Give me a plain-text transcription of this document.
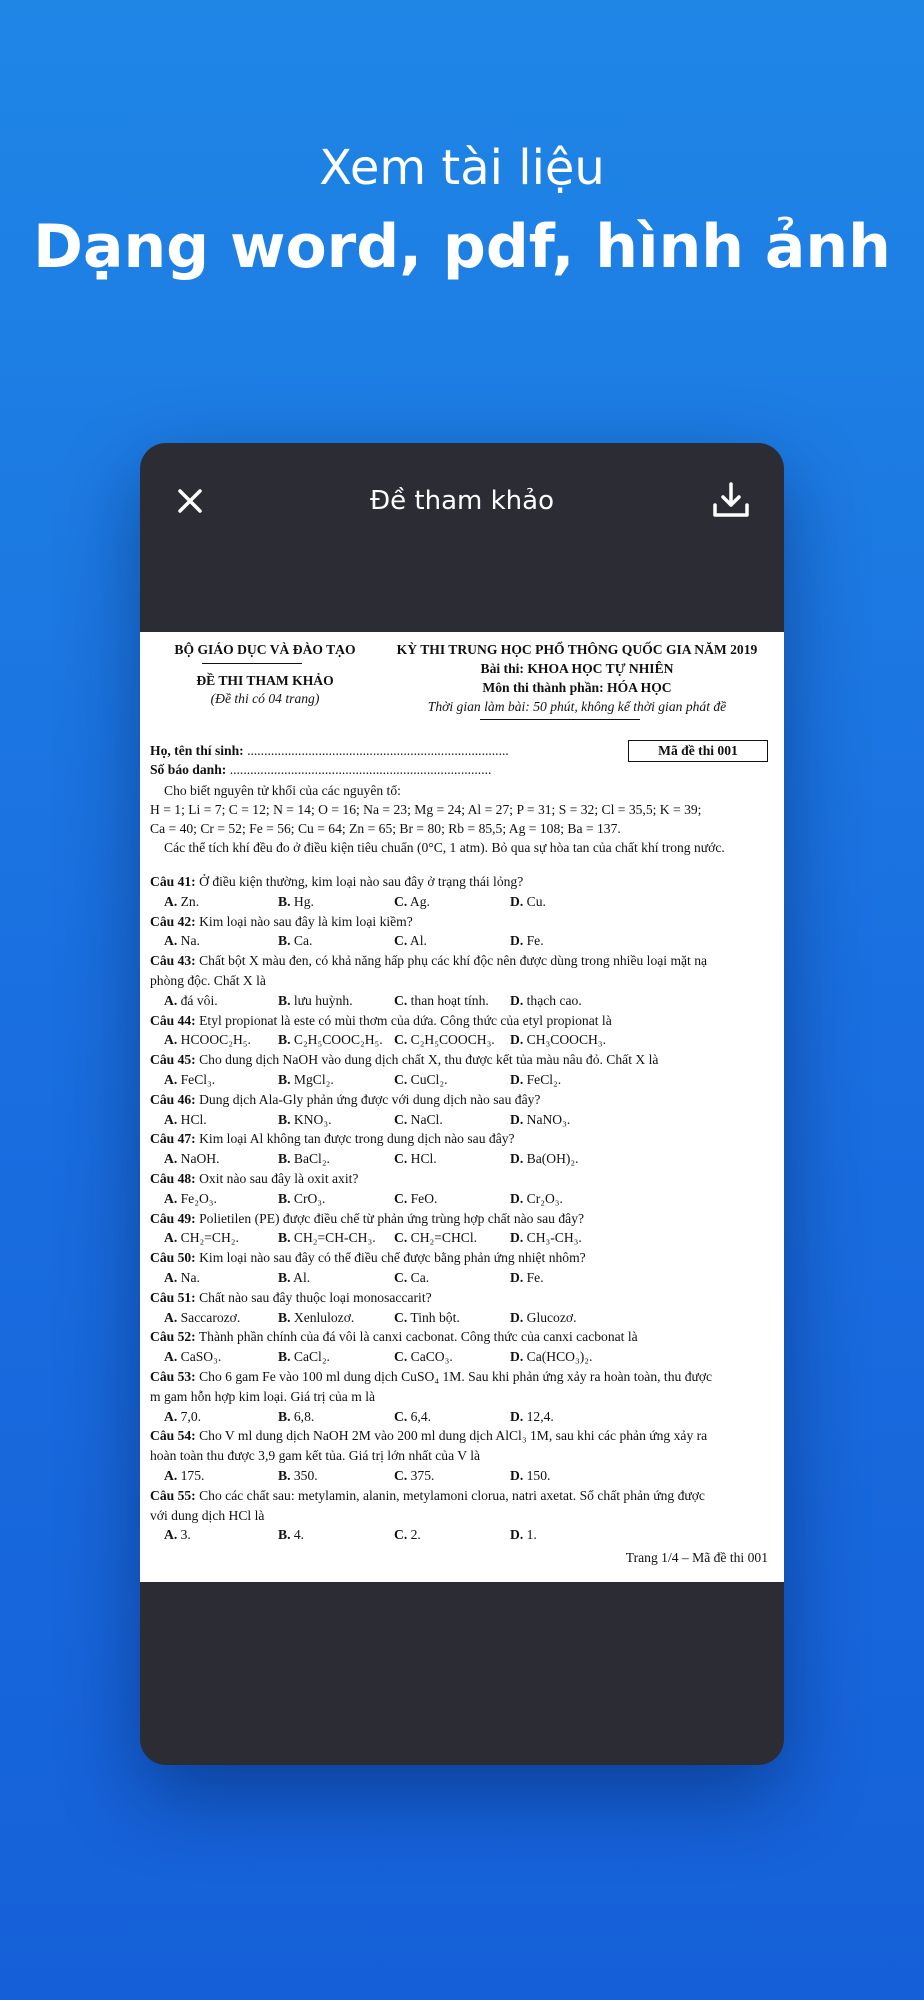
Xem tài liệu
Dạng word, pdf, hình ảnh
Đề tham khảo
BỘ GIÁO DỤC VÀ ĐÀO TẠO
ĐỀ THI THAM KHẢO
(Đề thi có 04 trang)
KỲ THI TRUNG HỌC PHỔ THÔNG QUỐC GIA NĂM 2019
Bài thi: KHOA HỌC TỰ NHIÊN
Môn thi thành phần: HÓA HỌC
Thời gian làm bài: 50 phút, không kể thời gian phát đề
Họ, tên thí sinh: .............................................................................
Số báo danh: .............................................................................
Mã đề thi 001
Cho biết nguyên tử khối của các nguyên tố:
H = 1; Li = 7; C = 12; N = 14; O = 16; Na = 23; Mg = 24; Al = 27; P = 31; S = 32; Cl = 35,5; K = 39;
Ca = 40; Cr = 52; Fe = 56; Cu = 64; Zn = 65; Br = 80; Rb = 85,5; Ag = 108; Ba = 137.
Các thể tích khí đều đo ở điều kiện tiêu chuẩn (0°C, 1 atm). Bỏ qua sự hòa tan của chất khí trong nước.
Câu 41: Ở điều kiện thường, kim loại nào sau đây ở trạng thái lỏng?
A. Zn.	B. Hg.	C. Ag.	D. Cu.
Câu 42: Kim loại nào sau đây là kim loại kiềm?
A. Na.	B. Ca.	C. Al.	D. Fe.
Câu 43: Chất bột X màu đen, có khả năng hấp phụ các khí độc nên được dùng trong nhiều loại mặt nạ
phòng độc. Chất X là
A. đá vôi.	B. lưu huỳnh.	C. than hoạt tính. D. thạch cao.
Câu 44: Etyl propionat là este có mùi thơm của dứa. Công thức của etyl propionat là
A. HCOOC₂H₅. B. C₂H₅COOC₂H₅. C. C₂H₅COOCH₃. D. CH₃COOCH₃.
Câu 45: Cho dung dịch NaOH vào dung dịch chất X, thu được kết tủa màu nâu đỏ. Chất X là
A. FeCl₃.	B. MgCl₂.	C. CuCl₂.	D. FeCl₂.
Câu 46: Dung dịch Ala-Gly phản ứng được với dung dịch nào sau đây?
A. HCl.	B. KNO₃.	C. NaCl.	D. NaNO₃.
Câu 47: Kim loại Al không tan được trong dung dịch nào sau đây?
A. NaOH.	B. BaCl₂.	C. HCl.	D. Ba(OH)₂.
Câu 48: Oxit nào sau đây là oxit axit?
A. Fe₂O₃.	B. CrO₃.	C. FeO.	D. Cr₂O₃.
Câu 49: Polietilen (PE) được điều chế từ phản ứng trùng hợp chất nào sau đây?
A. CH₂=CH₂.	B. CH₂=CH-CH₃. C. CH₂=CHCl. D. CH₃-CH₃.
Câu 50: Kim loại nào sau đây có thể điều chế được bằng phản ứng nhiệt nhôm?
A. Na.	B. Al.	C. Ca.	D. Fe.
Câu 51: Chất nào sau đây thuộc loại monosaccarit?
A. Saccarozơ.	B. Xenlulozơ.	C. Tinh bột.	D. Glucozơ.
Câu 52: Thành phần chính của đá vôi là canxi cacbonat. Công thức của canxi cacbonat là
A. CaSO₃.	B. CaCl₂.	C. CaCO₃.	D. Ca(HCO₃)₂.
Câu 53: Cho 6 gam Fe vào 100 ml dung dịch CuSO₄ 1M. Sau khi phản ứng xảy ra hoàn toàn, thu được
m gam hỗn hợp kim loại. Giá trị của m là
A. 7,0.	B. 6,8.	C. 6,4.	D. 12,4.
Câu 54: Cho V ml dung dịch NaOH 2M vào 200 ml dung dịch AlCl₃ 1M, sau khi các phản ứng xảy ra
hoàn toàn thu được 3,9 gam kết tủa. Giá trị lớn nhất của V là
A. 175.	B. 350.	C. 375.	D. 150.
Câu 55: Cho các chất sau: metylamin, alanin, metylamoni clorua, natri axetat. Số chất phản ứng được
với dung dịch HCl là
A. 3.	B. 4.	C. 2.	D. 1.
Trang 1/4 – Mã đề thi 001
